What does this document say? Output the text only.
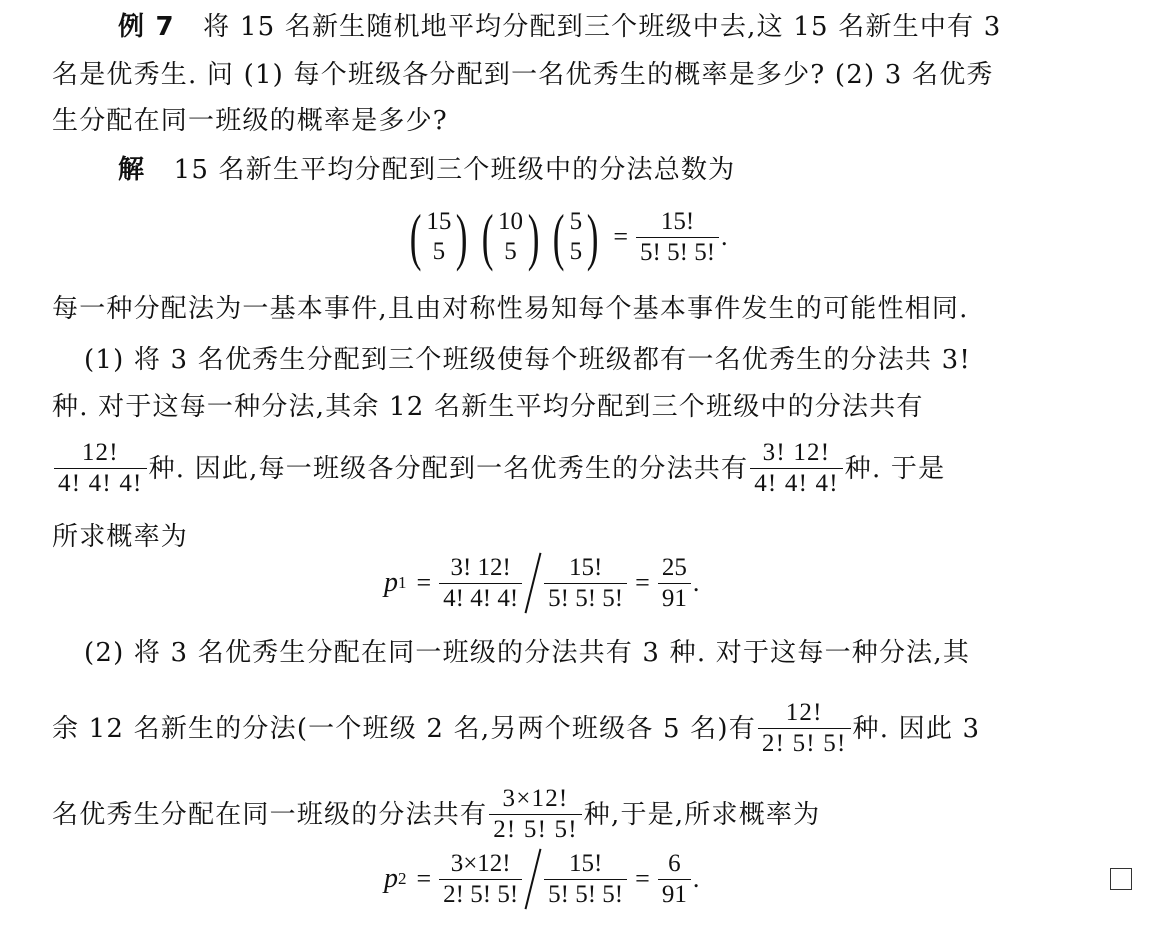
例 7 将 15 名新生随机地平均分配到三个班级中去,这 15 名新生中有 3
名是优秀生. 问 (1) 每个班级各分配到一名优秀生的概率是多少? (2) 3 名优秀
生分配在同一班级的概率是多少?
解 15 名新生平均分配到三个班级中的分法总数为
( 15
5 ) ( 10
5 ) ( 5
5 ) = $\frac{15!}{5! 5! 5!}$ .
每一种分配法为一基本事件,且由对称性易知每个基本事件发生的可能性相同.
(1) 将 3 名优秀生分配到三个班级使每个班级都有一名优秀生的分法共 3!
种. 对于这每一种分法,其余 12 名新生平均分配到三个班级中的分法共有
$\frac{12!}{4! 4! 4!}$ 种. 因此,每一班级各分配到一名优秀生的分法共有 $\frac{3! 12!}{4! 4! 4!}$ 种. 于是
所求概率为
p $1 = \frac{3! 12!}{4! 4! 4!} \frac{15!}{5! 5! 5!} = \frac{25}{91}$ .
(2) 将 3 名优秀生分配在同一班级的分法共有 3 种. 对于这每一种分法,其
余 12 名新生的分法(一个班级 2 名,另两个班级各 5 名)有 $\frac{12!}{2! 5! 5!}$ 种. 因此 3
名优秀生分配在同一班级的分法共有 $\frac{3\times 12!}{2! 5! 5!}$ 种,于是,所求概率为
p $2 = \frac{3\times 12!}{2! 5! 5!} \frac{15!}{5! 5! 5!} = \frac{6}{91}$ .
